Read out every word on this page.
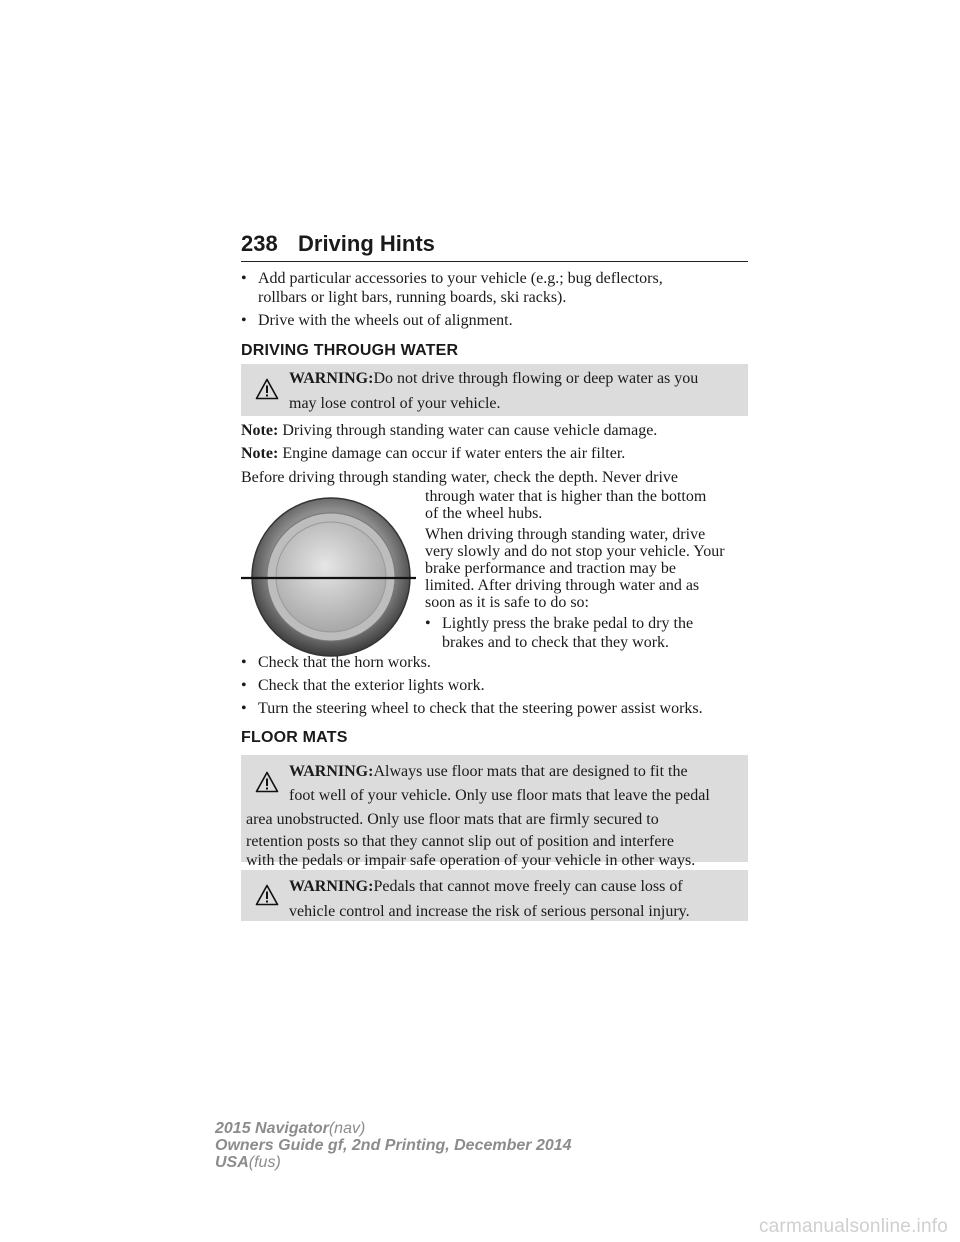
238 Driving Hints
• Add particular accessories to your vehicle (e.g.; bug deflectors,
rollbars or light bars, running boards, ski racks).
• Drive with the wheels out of alignment.
DRIVING THROUGH WATER
WARNING:Do not drive through flowing or deep water as you
may lose control of your vehicle.
Note: Driving through standing water can cause vehicle damage.
Note: Engine damage can occur if water enters the air filter.
Before driving through standing water, check the depth. Never drive
through water that is higher than the bottom
of the wheel hubs.
When driving through standing water, drive
very slowly and do not stop your vehicle. Your
brake performance and traction may be
limited. After driving through water and as
soon as it is safe to do so:
• Lightly press the brake pedal to dry the
brakes and to check that they work.
• Check that the horn works.
• Check that the exterior lights work.
• Turn the steering wheel to check that the steering power assist works.
FLOOR MATS
WARNING:Always use floor mats that are designed to fit the
foot well of your vehicle. Only use floor mats that leave the pedal
area unobstructed. Only use floor mats that are firmly secured to
retention posts so that they cannot slip out of position and interfere
with the pedals or impair safe operation of your vehicle in other ways.
WARNING:Pedals that cannot move freely can cause loss of
vehicle control and increase the risk of serious personal injury.
2015 Navigator(nav)
Owners Guide gf, 2nd Printing, December 2014
USA(fus)
carmanualsonline.info
